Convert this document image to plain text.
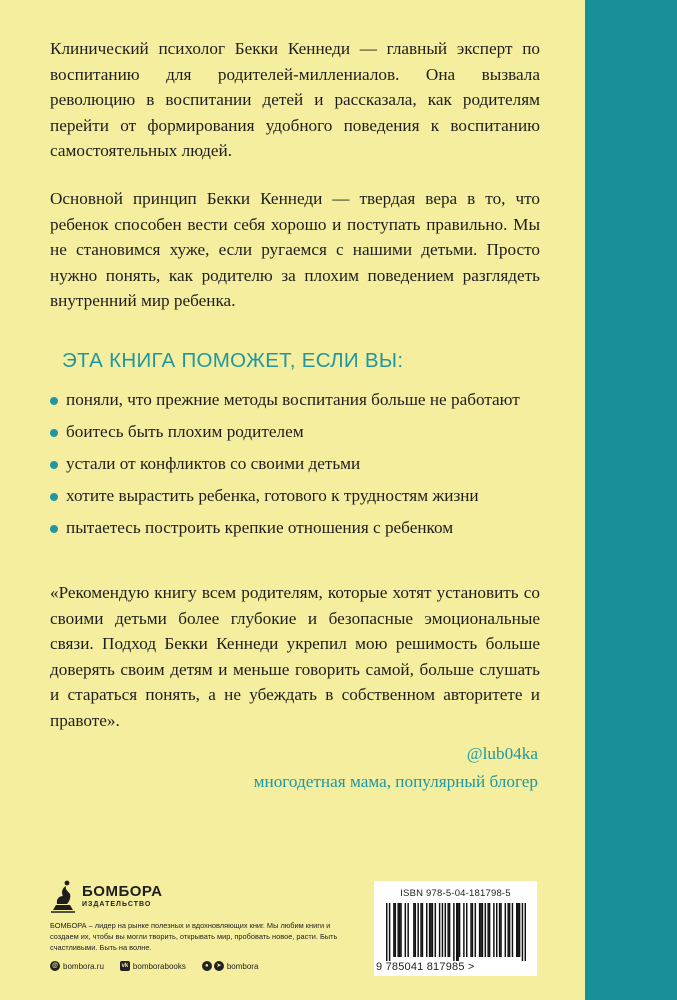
Клинический психолог Бекки Кеннеди — главный эксперт по воспитанию для родителей-миллениалов. Она вызвала революцию в воспитании детей и рассказала, как родителям перейти от формирования удобного поведения к воспитанию самостоятельных людей.

Основной принцип Бекки Кеннеди — твердая вера в то, что ребенок способен вести себя хорошо и поступать правильно. Мы не становимся хуже, если ругаемся с нашими детьми. Просто нужно понять, как родителю за плохим поведением разглядеть внутренний мир ребенка.

ЭТА КНИГА ПОМОЖЕТ, ЕСЛИ ВЫ:
поняли, что прежние методы воспитания больше не работают
боитесь быть плохим родителем
устали от конфликтов со своими детьми
хотите вырастить ребенка, готового к трудностям жизни
пытаетесь построить крепкие отношения с ребенком

«Рекомендую книгу всем родителям, которые хотят установить со своими детьми более глубокие и безопасные эмоциональные связи. Подход Бекки Кеннеди укрепил мою решимость больше доверять своим детям и меньше говорить самой, больше слушать и стараться понять, а не убеждать в собственном авторитете и правоте».

@lub04ka
многодетная мама, популярный блогер
БОМБОРА
ИЗДАТЕЛЬСТВО
БОМБОРА – лидер на рынке полезных и вдохновляющих книг. Мы любим книги и создаем их, чтобы вы могли творить, открывать мир, пробовать новое, расти. Быть счастливыми. Быть на волне.
@ bombora.ru	vk bomborabooks	●	➤ bombora
ISBN 978-5-04-181798-5
9 785041 817985 >
